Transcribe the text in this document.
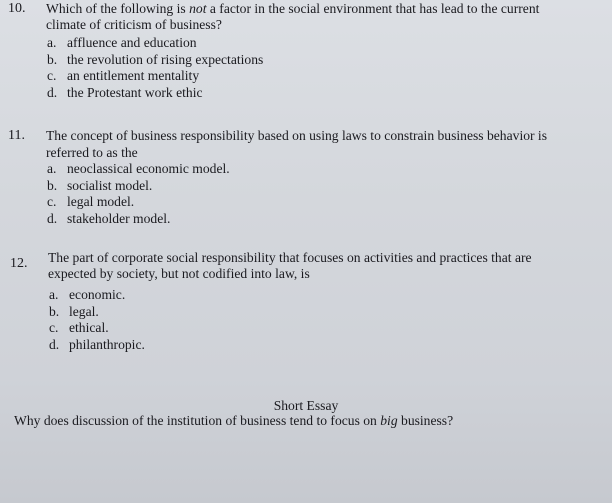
10. Which of the following is not a factor in the social environment that has lead to the current
climate of criticism of business?
a. affluence and education
b. the revolution of rising expectations
c. an entitlement mentality
d. the Protestant work ethic
11. The concept of business responsibility based on using laws to constrain business behavior is
referred to as the
a. neoclassical economic model.
b. socialist model.
c. legal model.
d. stakeholder model.
12. The part of corporate social responsibility that focuses on activities and practices that are
expected by society, but not codified into law, is
a. economic.
b. legal.
c. ethical.
d. philanthropic.
Short Essay
Why does discussion of the institution of business tend to focus on big business?
